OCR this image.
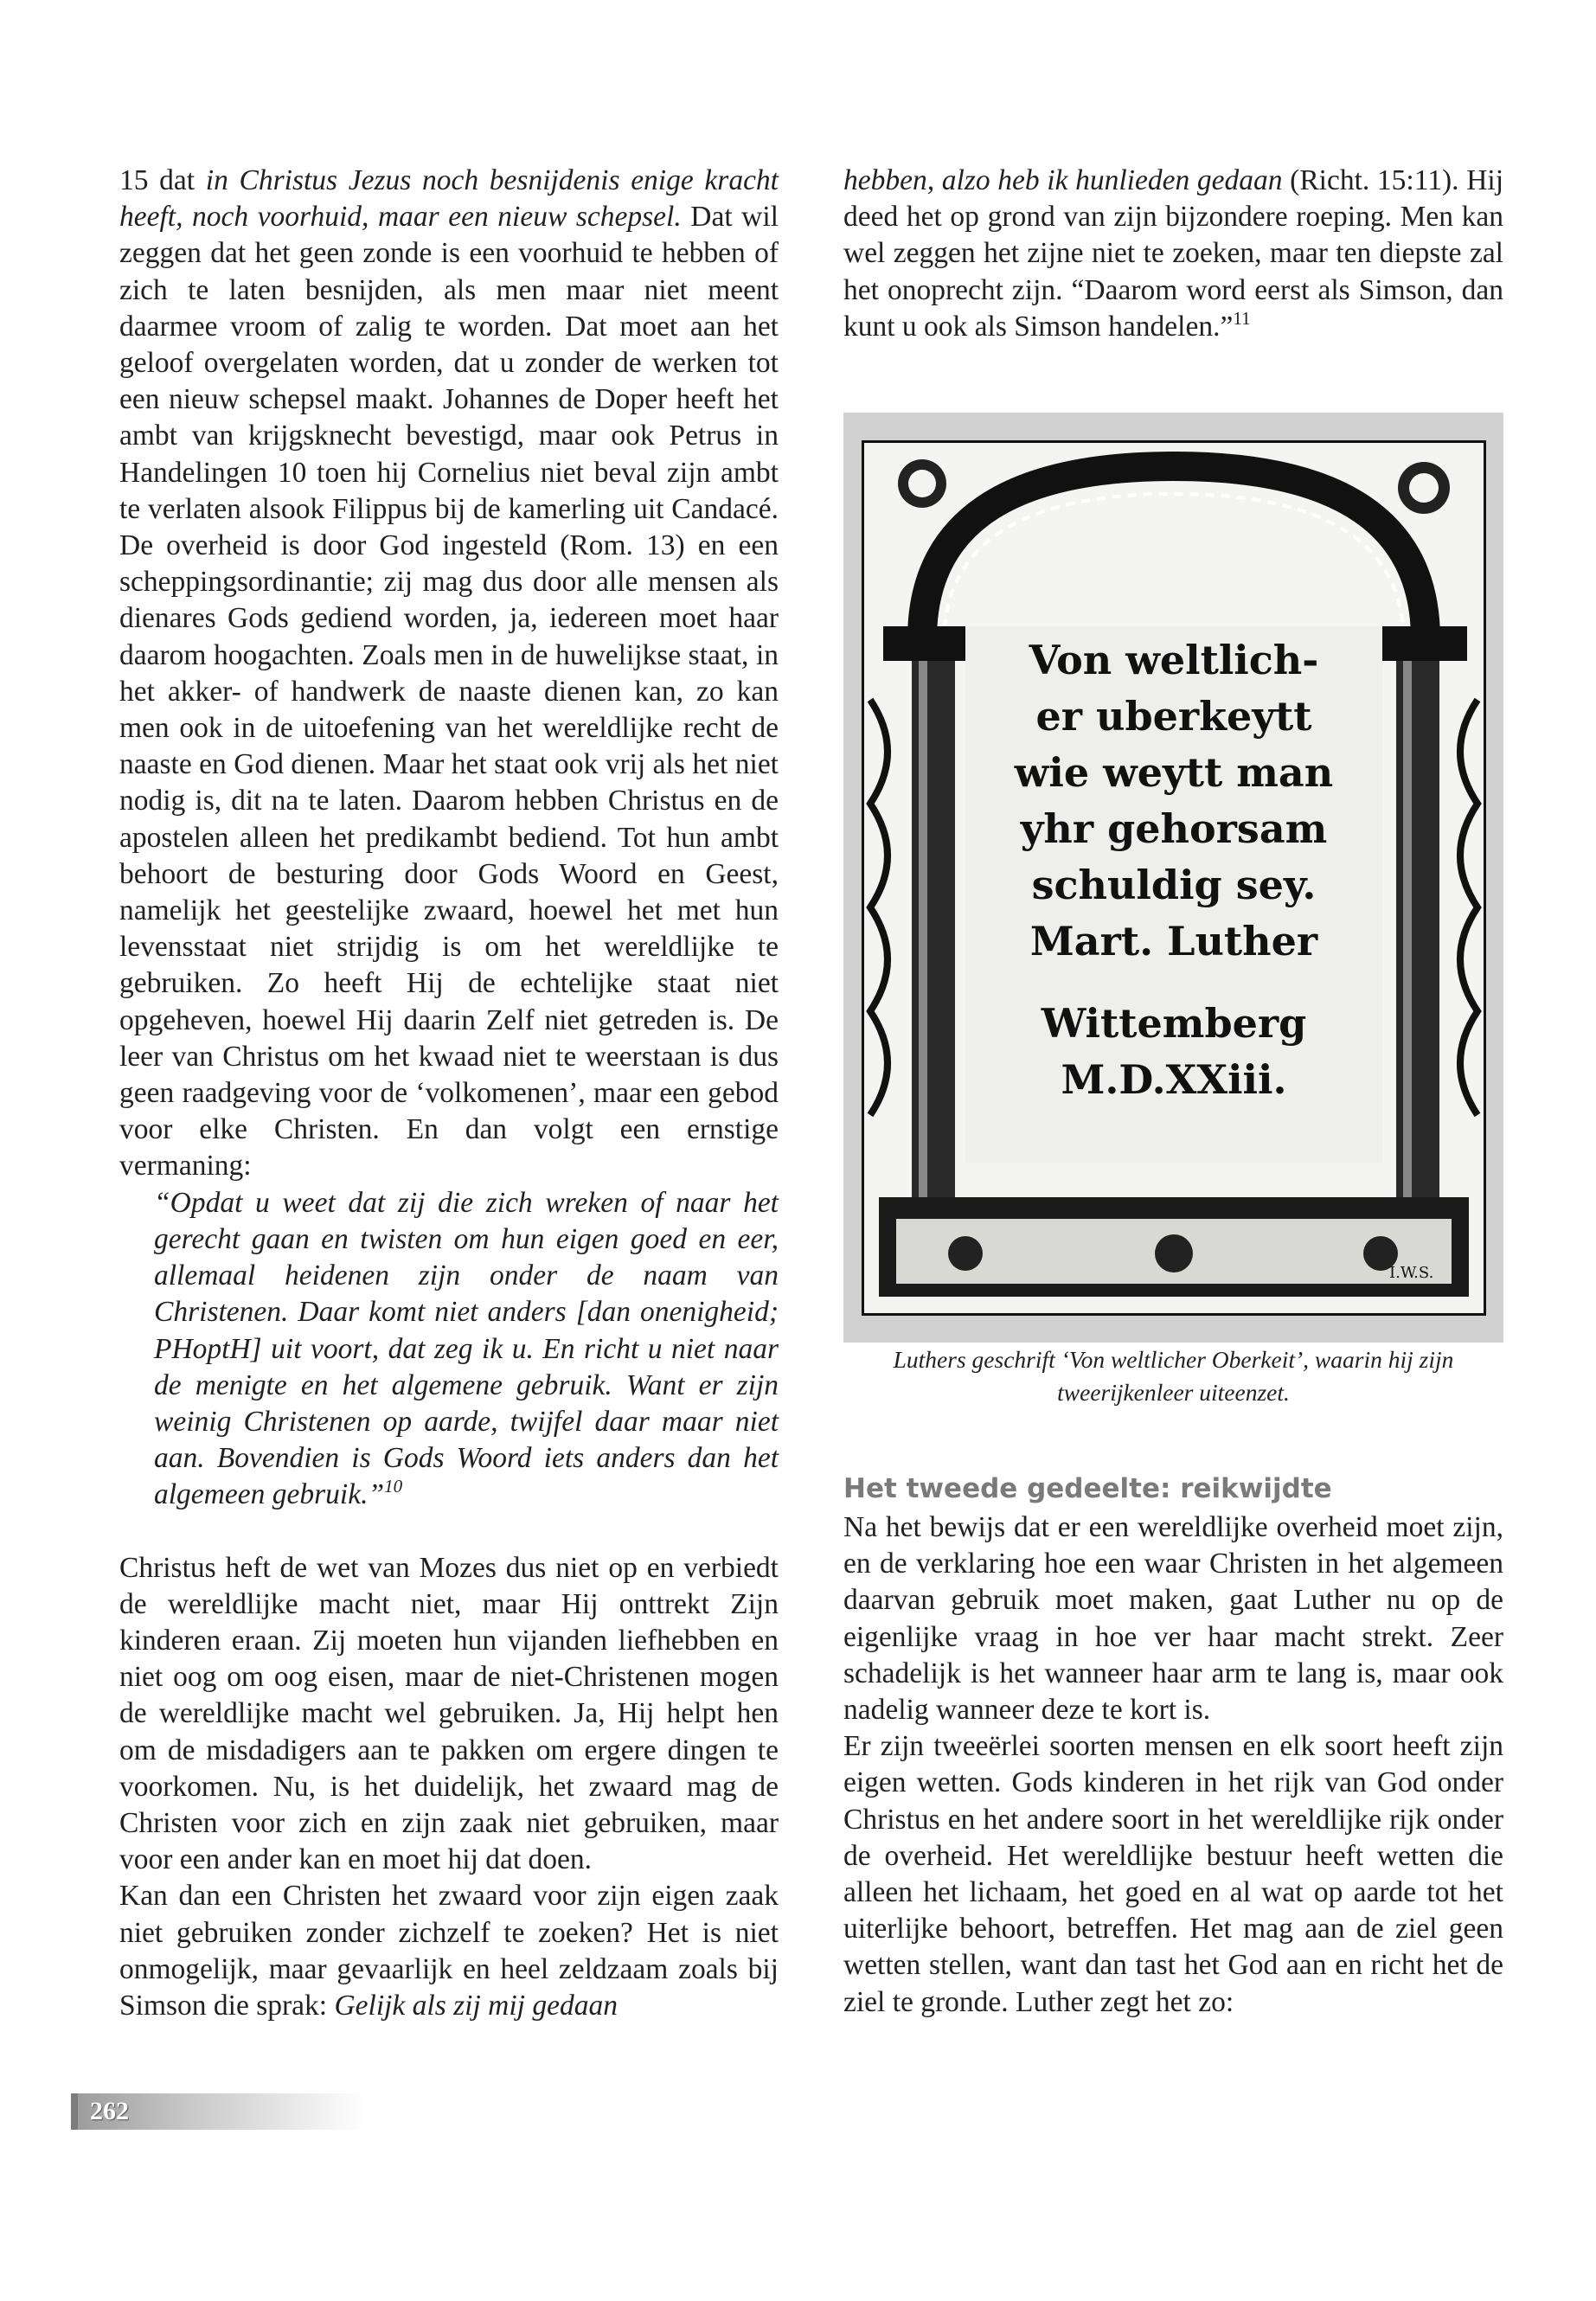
15 dat in Christus Jezus noch besnijdenis enige kracht heeft, noch voorhuid, maar een nieuw schepsel. Dat wil zeggen dat het geen zonde is een voorhuid te hebben of zich te laten besnijden, als men maar niet meent daarmee vroom of zalig te worden. Dat moet aan het geloof overgelaten worden, dat u zonder de werken tot een nieuw schepsel maakt. Johannes de Doper heeft het ambt van krijgsknecht bevestigd, maar ook Petrus in Handelingen 10 toen hij Cornelius niet beval zijn ambt te verlaten alsook Filippus bij de kamerling uit Candacé. De overheid is door God ingesteld (Rom. 13) en een scheppingsordinantie; zij mag dus door alle mensen als dienares Gods gediend worden, ja, iedereen moet haar daarom hoogachten. Zoals men in de huwelijkse staat, in het akker- of handwerk de naaste dienen kan, zo kan men ook in de uitoefening van het wereldlijke recht de naaste en God dienen. Maar het staat ook vrij als het niet nodig is, dit na te laten. Daarom hebben Christus en de apostelen alleen het predikambt bediend. Tot hun ambt behoort de besturing door Gods Woord en Geest, namelijk het geestelijke zwaard, hoewel het met hun levensstaat niet strijdig is om het wereldlijke te gebruiken. Zo heeft Hij de echtelijke staat niet opgeheven, hoewel Hij daarin Zelf niet getreden is. De leer van Christus om het kwaad niet te weerstaan is dus geen raadgeving voor de ‘volkomenen’, maar een gebod voor elke Christen. En dan volgt een ernstige vermaning:

“Opdat u weet dat zij die zich wreken of naar het gerecht gaan en twisten om hun eigen goed en eer, allemaal heidenen zijn onder de naam van Christenen. Daar komt niet anders [dan onenigheid; PHoptH] uit voort, dat zeg ik u. En richt u niet naar de menigte en het algemene gebruik. Want er zijn weinig Christenen op aarde, twijfel daar maar niet aan. Bovendien is Gods Woord iets anders dan het algemeen gebruik.”$^{10}$

Christus heft de wet van Mozes dus niet op en verbiedt de wereldlijke macht niet, maar Hij onttrekt Zijn kinderen eraan. Zij moeten hun vijanden liefhebben en niet oog om oog eisen, maar de niet-Christenen mogen de wereldlijke macht wel gebruiken. Ja, Hij helpt hen om de misdadigers aan te pakken om ergere dingen te voorkomen. Nu, is het duidelijk, het zwaard mag de Christen voor zich en zijn zaak niet gebruiken, maar voor een ander kan en moet hij dat doen.

Kan dan een Christen het zwaard voor zijn eigen zaak niet gebruiken zonder zichzelf te zoeken? Het is niet onmogelijk, maar gevaarlijk en heel zeldzaam zoals bij Simson die sprak: Gelijk als zij mij gedaan

hebben, alzo heb ik hunlieden gedaan (Richt. 15:11). Hij deed het op grond van zijn bijzondere roeping. Men kan wel zeggen het zijne niet te zoeken, maar ten diepste zal het onoprecht zijn. “Daarom word eerst als Simson, dan kunt u ook als Simson handelen.”$^{11}$

Von weltlich-
er uberkeytt
wie weytt man
yhr gehorsam
schuldig sey.
Mart. Luther
Wittemberg
M.D.XXiii.
I.W.S.
Luthers geschrift ‘Von weltlicher Oberkeit’, waarin hij zijn tweerijkenleer uiteenzet.
Het tweede gedeelte: reikwijdte

Na het bewijs dat er een wereldlijke overheid moet zijn, en de verklaring hoe een waar Christen in het algemeen daarvan gebruik moet maken, gaat Luther nu op de eigenlijke vraag in hoe ver haar macht strekt. Zeer schadelijk is het wanneer haar arm te lang is, maar ook nadelig wanneer deze te kort is.

Er zijn tweeërlei soorten mensen en elk soort heeft zijn eigen wetten. Gods kinderen in het rijk van God onder Christus en het andere soort in het wereldlijke rijk onder de overheid. Het wereldlijke bestuur heeft wetten die alleen het lichaam, het goed en al wat op aarde tot het uiterlijke behoort, betreffen. Het mag aan de ziel geen wetten stellen, want dan tast het God aan en richt het de ziel te gronde. Luther zegt het zo:

262
